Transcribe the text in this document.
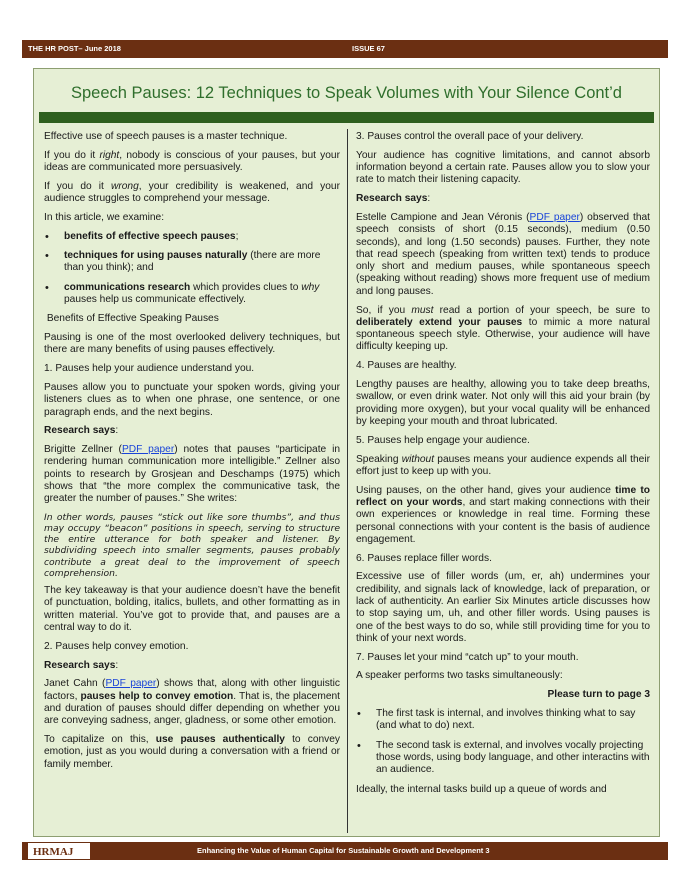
THE HR POST– June 2018	ISSUE 67
Speech Pauses: 12 Techniques to Speak Volumes with Your Silence Cont’d

Effective use of speech pauses is a master technique.

If you do it right, nobody is conscious of your pauses, but your ideas are communicated more persuasively.

If you do it wrong, your credibility is weakened, and your audience struggles to comprehend your message.

In this article, we examine:

• benefits of effective speech pauses;
• techniques for using pauses naturally (there are more than you think); and
• communications research which provides clues to why pauses help us communicate effectively.

Benefits of Effective Speaking Pauses

Pausing is one of the most overlooked delivery techniques, but there are many benefits of using pauses effectively.

1. Pauses help your audience understand you.

Pauses allow you to punctuate your spoken words, giving your listeners clues as to when one phrase, one sentence, or one paragraph ends, and the next begins.

Research says:

Brigitte Zellner (PDF paper) notes that pauses “participate in rendering human communication more intelligible.” Zellner also points to research by Grosjean and Deschamps (1975) which shows that “the more complex the communicative task, the greater the number of pauses.” She writes:

In other words, pauses “stick out like sore thumbs”, and thus may occupy “beacon” positions in speech, serving to structure the entire utterance for both speaker and listener. By subdividing speech into smaller segments, pauses probably contribute a great deal to the improvement of speech comprehension.

The key takeaway is that your audience doesn’t have the benefit of punctuation, bolding, italics, bullets, and other formatting as in written material. You’ve got to provide that, and pauses are a central way to do it.

2. Pauses help convey emotion.

Research says:

Janet Cahn (PDF paper) shows that, along with other linguistic factors, pauses help to convey emotion. That is, the placement and duration of pauses should differ depending on whether you are conveying sadness, anger, gladness, or some other emotion.

To capitalize on this, use pauses authentically to convey emotion, just as you would during a conversation with a friend or family member.

3. Pauses control the overall pace of your delivery.

Your audience has cognitive limitations, and cannot absorb information beyond a certain rate. Pauses allow you to slow your rate to match their listening capacity.

Research says:

Estelle Campione and Jean Véronis (PDF paper) observed that speech consists of short (0.15 seconds), medium (0.50 seconds), and long (1.50 seconds) pauses. Further, they note that read speech (speaking from written text) tends to produce only short and medium pauses, while spontaneous speech (speaking without reading) shows more frequent use of medium and long pauses.

So, if you must read a portion of your speech, be sure to deliberately extend your pauses to mimic a more natural spontaneous speech style. Otherwise, your audience will have difficulty keeping up.

4. Pauses are healthy.

Lengthy pauses are healthy, allowing you to take deep breaths, swallow, or even drink water. Not only will this aid your brain (by providing more oxygen), but your vocal quality will be enhanced by keeping your mouth and throat lubricated.

5. Pauses help engage your audience.

Speaking without pauses means your audience expends all their effort just to keep up with you.

Using pauses, on the other hand, gives your audience time to reflect on your words, and start making connections with their own experiences or knowledge in real time. Forming these personal connections with your content is the basis of audience engagement.

6. Pauses replace filler words.

Excessive use of filler words (um, er, ah) undermines your credibility, and signals lack of knowledge, lack of preparation, or lack of authenticity. An earlier Six Minutes article discusses how to stop saying um, uh, and other filler words. Using pauses is one of the best ways to do so, while still providing time for you to think of your next words.

7. Pauses let your mind “catch up” to your mouth.

A speaker performs two tasks simultaneously:

Please turn to page 3

• The first task is internal, and involves thinking what to say (and what to do) next.
• The second task is external, and involves vocally projecting those words, using body language, and other interactins with an audience.

Ideally, the internal tasks build up a queue of words and

HRMAJ	Enhancing the Value of Human Capital for Sustainable Growth and Development 3
